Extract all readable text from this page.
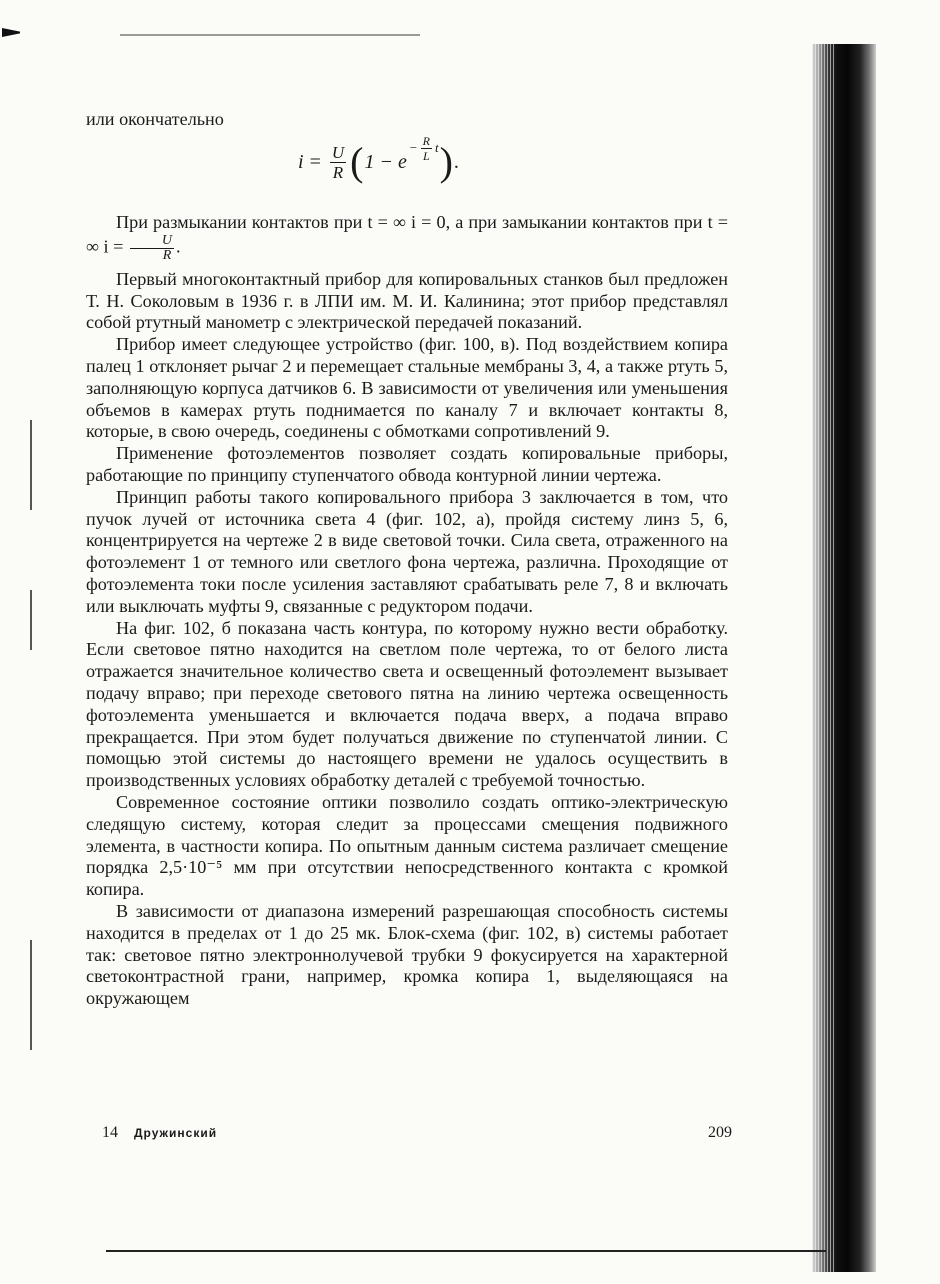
или окончательно

$i = \frac{U}{R}$ ( 1 − e
− $\frac{R}{L}$ t ) .

При размыкании контактов при t = ∞ i = 0, а при замыкании контактов при t = ∞ $i = \frac{U}{R}$ .

Первый многоконтактный прибор для копировальных станков был предложен Т. Н. Соколовым в 1936 г. в ЛПИ им. М. И. Калинина; этот прибор представлял собой ртутный манометр с электрической передачей показаний.

Прибор имеет следующее устройство (фиг. 100, в). Под воздействием копира палец 1 отклоняет рычаг 2 и перемещает стальные мембраны 3, 4, а также ртуть 5, заполняющую корпуса датчиков 6. В зависимости от увеличения или уменьшения объемов в камерах ртуть поднимается по каналу 7 и включает контакты 8, которые, в свою очередь, соединены с обмотками сопротивлений 9.

Применение фотоэлементов позволяет создать копировальные приборы, работающие по принципу ступенчатого обвода контурной линии чертежа.

Принцип работы такого копировального прибора 3 заключается в том, что пучок лучей от источника света 4 (фиг. 102, а), пройдя систему линз 5, 6, концентрируется на чертеже 2 в виде световой точки. Сила света, отраженного на фотоэлемент 1 от темного или светлого фона чертежа, различна. Проходящие от фотоэлемента токи после усиления заставляют срабатывать реле 7, 8 и включать или выключать муфты 9, связанные с редуктором подачи.

На фиг. 102, б показана часть контура, по которому нужно вести обработку. Если световое пятно находится на светлом поле чертежа, то от белого листа отражается значительное количество света и освещенный фотоэлемент вызывает подачу вправо; при переходе светового пятна на линию чертежа освещенность фотоэлемента уменьшается и включается подача вверх, а подача вправо прекращается. При этом будет получаться движение по ступенчатой линии. С помощью этой системы до настоящего времени не удалось осуществить в производственных условиях обработку деталей с требуемой точностью.

Современное состояние оптики позволило создать оптико-электрическую следящую систему, которая следит за процессами смещения подвижного элемента, в частности копира. По опытным данным система различает смещение порядка 2,5·10⁻⁵ мм при отсутствии непосредственного контакта с кромкой копира.

В зависимости от диапазона измерений разрешающая способность системы находится в пределах от 1 до 25 мк. Блок-схема (фиг. 102, в) системы работает так: световое пятно электроннолучевой трубки 9 фокусируется на характерной светоконтрастной грани, например, кромка копира 1, выделяющаяся на окружающем

14 Дружинский	209
